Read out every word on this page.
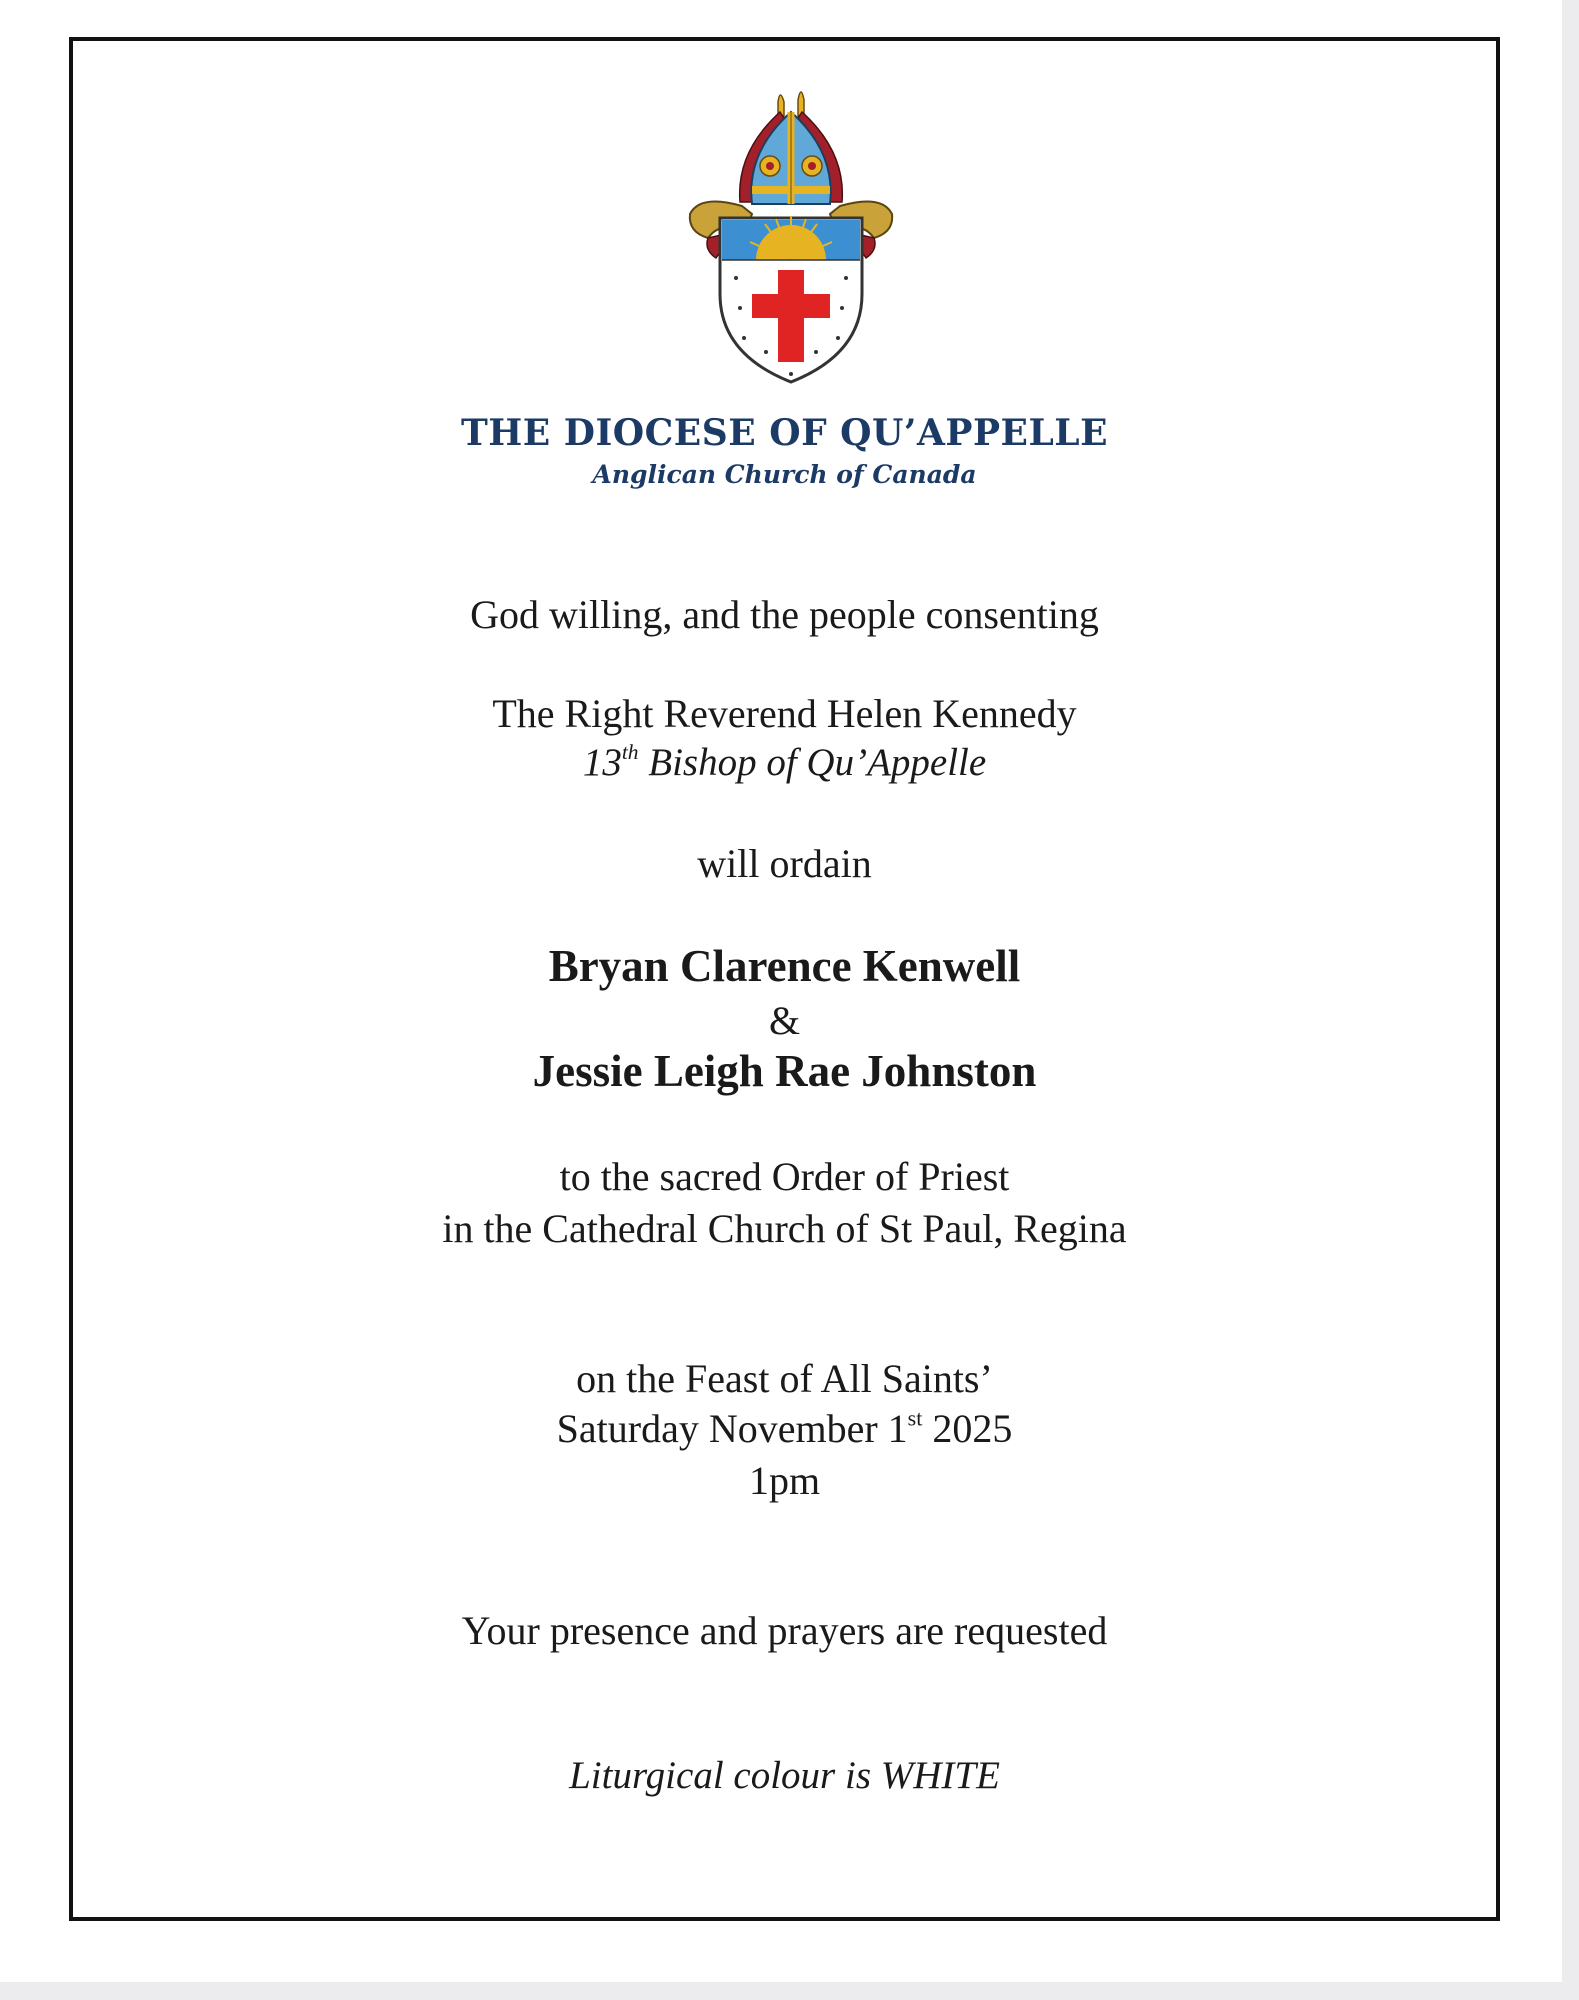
THE DIOCESE OF QU’APPELLE
Anglican Church of Canada
God willing, and the people consenting
The Right Reverend Helen Kennedy
13th Bishop of Qu’Appelle
will ordain
Bryan Clarence Kenwell
&
Jessie Leigh Rae Johnston
to the sacred Order of Priest
in the Cathedral Church of St Paul, Regina
on the Feast of All Saints’
Saturday November 1st 2025
1pm
Your presence and prayers are requested
Liturgical colour is WHITE
